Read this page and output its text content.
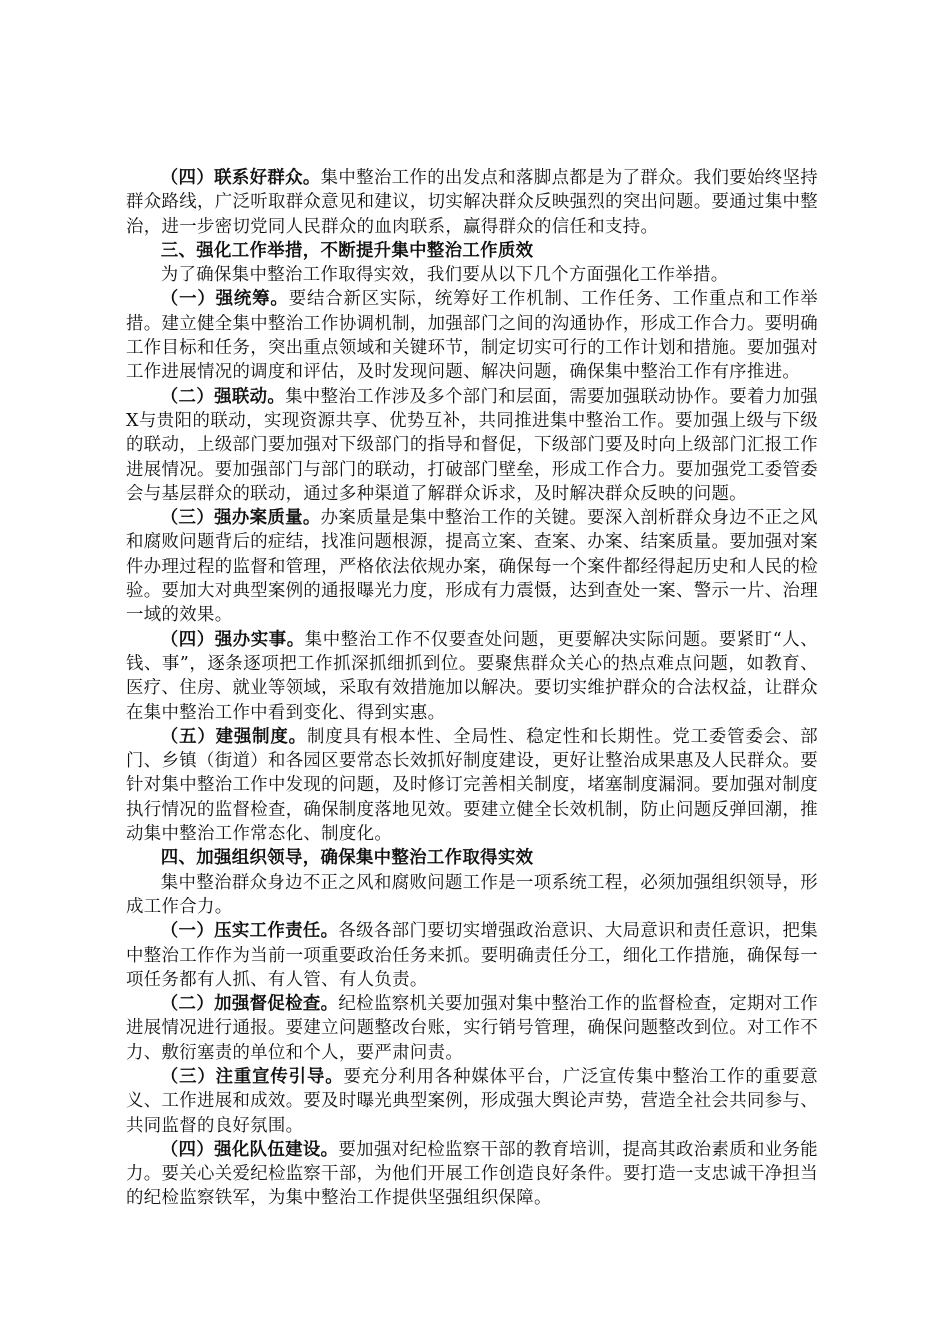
（四）联系好群众。集中整治工作的出发点和落脚点都是为了群众。我们要始终坚持群众路线，广泛听取群众意见和建议，切实解决群众反映强烈的突出问题。要通过集中整治，进一步密切党同人民群众的血肉联系，赢得群众的信任和支持。

三、强化工作举措，不断提升集中整治工作质效

为了确保集中整治工作取得实效，我们要从以下几个方面强化工作举措。

（一）强统筹。要结合新区实际，统筹好工作机制、工作任务、工作重点和工作举措。建立健全集中整治工作协调机制，加强部门之间的沟通协作，形成工作合力。要明确工作目标和任务，突出重点领域和关键环节，制定切实可行的工作计划和措施。要加强对工作进展情况的调度和评估，及时发现问题、解决问题，确保集中整治工作有序推进。

（二）强联动。集中整治工作涉及多个部门和层面，需要加强联动协作。要着力加强X与贵阳的联动，实现资源共享、优势互补，共同推进集中整治工作。要加强上级与下级的联动，上级部门要加强对下级部门的指导和督促，下级部门要及时向上级部门汇报工作进展情况。要加强部门与部门的联动，打破部门壁垒，形成工作合力。要加强党工委管委会与基层群众的联动，通过多种渠道了解群众诉求，及时解决群众反映的问题。

（三）强办案质量。办案质量是集中整治工作的关键。要深入剖析群众身边不正之风和腐败问题背后的症结，找准问题根源，提高立案、查案、办案、结案质量。要加强对案件办理过程的监督和管理，严格依法依规办案，确保每一个案件都经得起历史和人民的检验。要加大对典型案例的通报曝光力度，形成有力震慑，达到查处一案、警示一片、治理一域的效果。

（四）强办实事。集中整治工作不仅要查处问题，更要解决实际问题。要紧盯“人、钱、事”，逐条逐项把工作抓深抓细抓到位。要聚焦群众关心的热点难点问题，如教育、医疗、住房、就业等领域，采取有效措施加以解决。要切实维护群众的合法权益，让群众在集中整治工作中看到变化、得到实惠。

（五）建强制度。制度具有根本性、全局性、稳定性和长期性。党工委管委会、部门、乡镇（街道）和各园区要常态长效抓好制度建设，更好让整治成果惠及人民群众。要针对集中整治工作中发现的问题，及时修订完善相关制度，堵塞制度漏洞。要加强对制度执行情况的监督检查，确保制度落地见效。要建立健全长效机制，防止问题反弹回潮，推动集中整治工作常态化、制度化。

四、加强组织领导，确保集中整治工作取得实效

集中整治群众身边不正之风和腐败问题工作是一项系统工程，必须加强组织领导，形成工作合力。

（一）压实工作责任。各级各部门要切实增强政治意识、大局意识和责任意识，把集中整治工作作为当前一项重要政治任务来抓。要明确责任分工，细化工作措施，确保每一项任务都有人抓、有人管、有人负责。

（二）加强督促检查。纪检监察机关要加强对集中整治工作的监督检查，定期对工作进展情况进行通报。要建立问题整改台账，实行销号管理，确保问题整改到位。对工作不力、敷衍塞责的单位和个人，要严肃问责。

（三）注重宣传引导。要充分利用各种媒体平台，广泛宣传集中整治工作的重要意义、工作进展和成效。要及时曝光典型案例，形成强大舆论声势，营造全社会共同参与、共同监督的良好氛围。

（四）强化队伍建设。要加强对纪检监察干部的教育培训，提高其政治素质和业务能力。要关心关爱纪检监察干部，为他们开展工作创造良好条件。要打造一支忠诚干净担当的纪检监察铁军，为集中整治工作提供坚强组织保障。
